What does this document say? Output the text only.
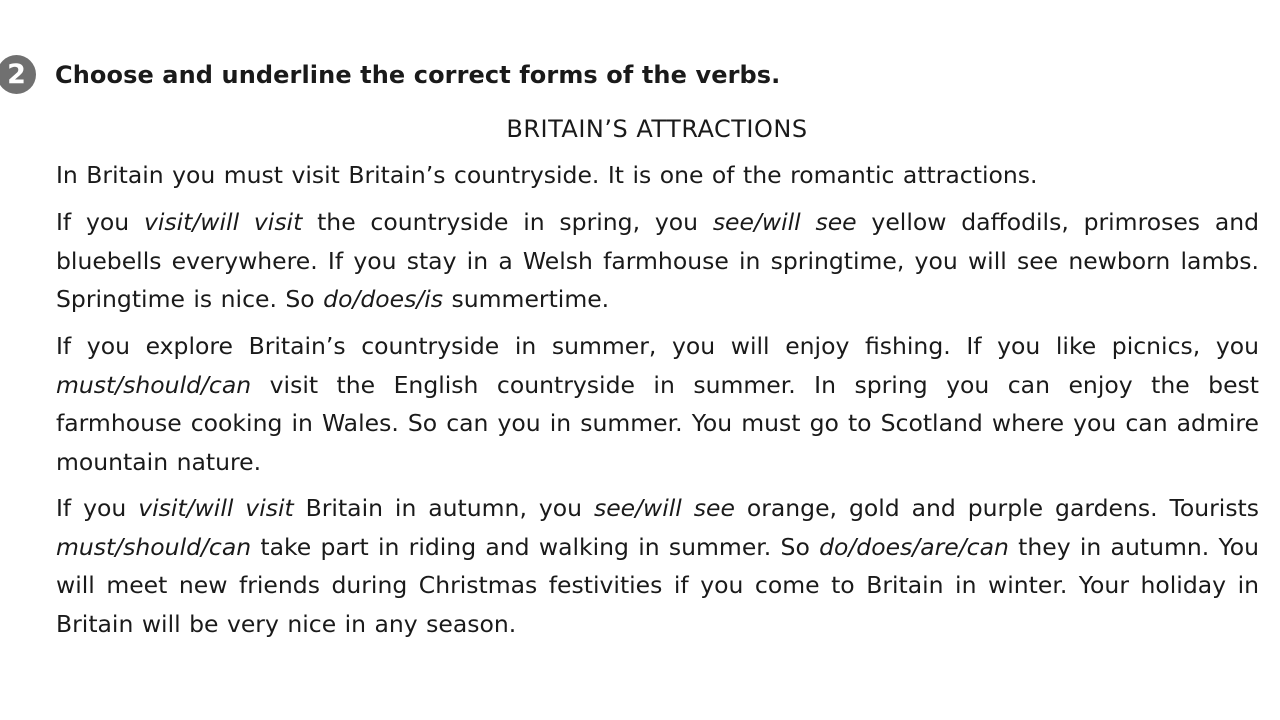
2	Choose and underline the correct forms of the verbs.
BRITAIN’S ATTRACTIONS

In Britain you must visit Britain’s countryside. It is one of the romantic attractions.

If you visit/will visit the countryside in spring, you see/will see yellow daffodils, primroses and bluebells everywhere. If you stay in a Welsh farmhouse in springtime, you will see newborn lambs. Springtime is nice. So do/does/is summertime.

If you explore Britain’s countryside in summer, you will enjoy fishing. If you like picnics, you must/should/can visit the English countryside in summer. In spring you can enjoy the best farmhouse cooking in Wales. So can you in summer. You must go to Scotland where you can admire mountain nature.

If you visit/will visit Britain in autumn, you see/will see orange, gold and purple gardens. Tourists must/should/can take part in riding and walking in summer. So do/does/are/can they in autumn. You will meet new friends during Christmas festivities if you come to Britain in winter. Your holiday in Britain will be very nice in any season.
